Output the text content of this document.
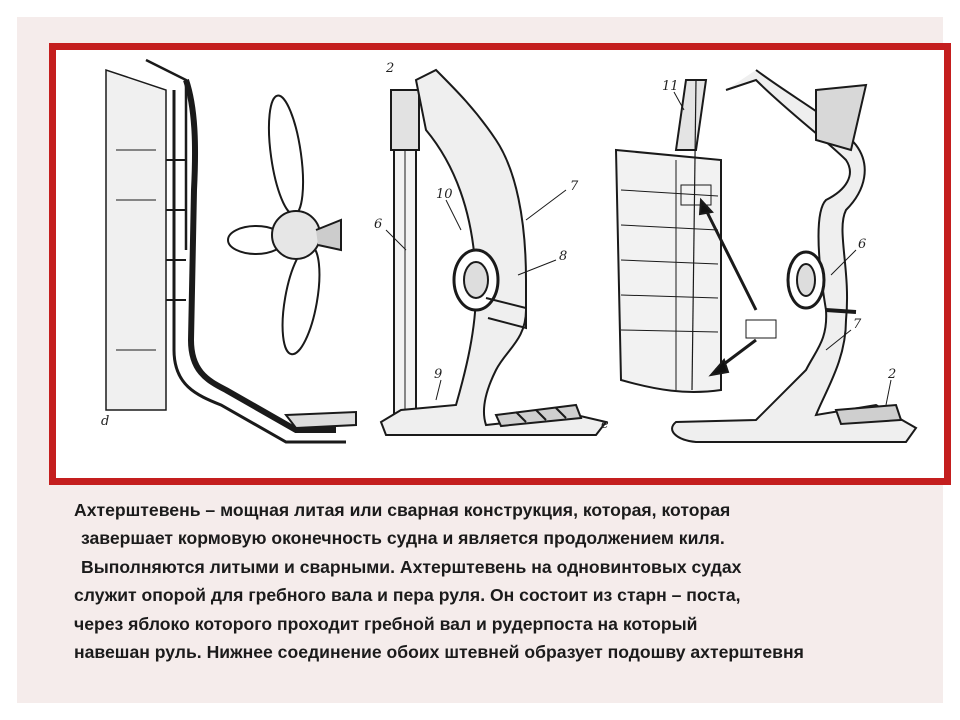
d
2
7
10
6
8
9
e
11
6
7
2
Ахтерштевень – мощная литая или сварная конструкция, которая, которая
завершает кормовую оконечность судна и является продолжением киля.
Выполняются литыми и сварными. Ахтерштевень на одновинтовых судах
служит опорой для гребного вала и пера руля. Он состоит из старн – поста,
через яблоко которого проходит гребной вал и рудерпоста на который
навешан руль. Нижнее соединение обоих штевней образует подошву ахтерштевня
